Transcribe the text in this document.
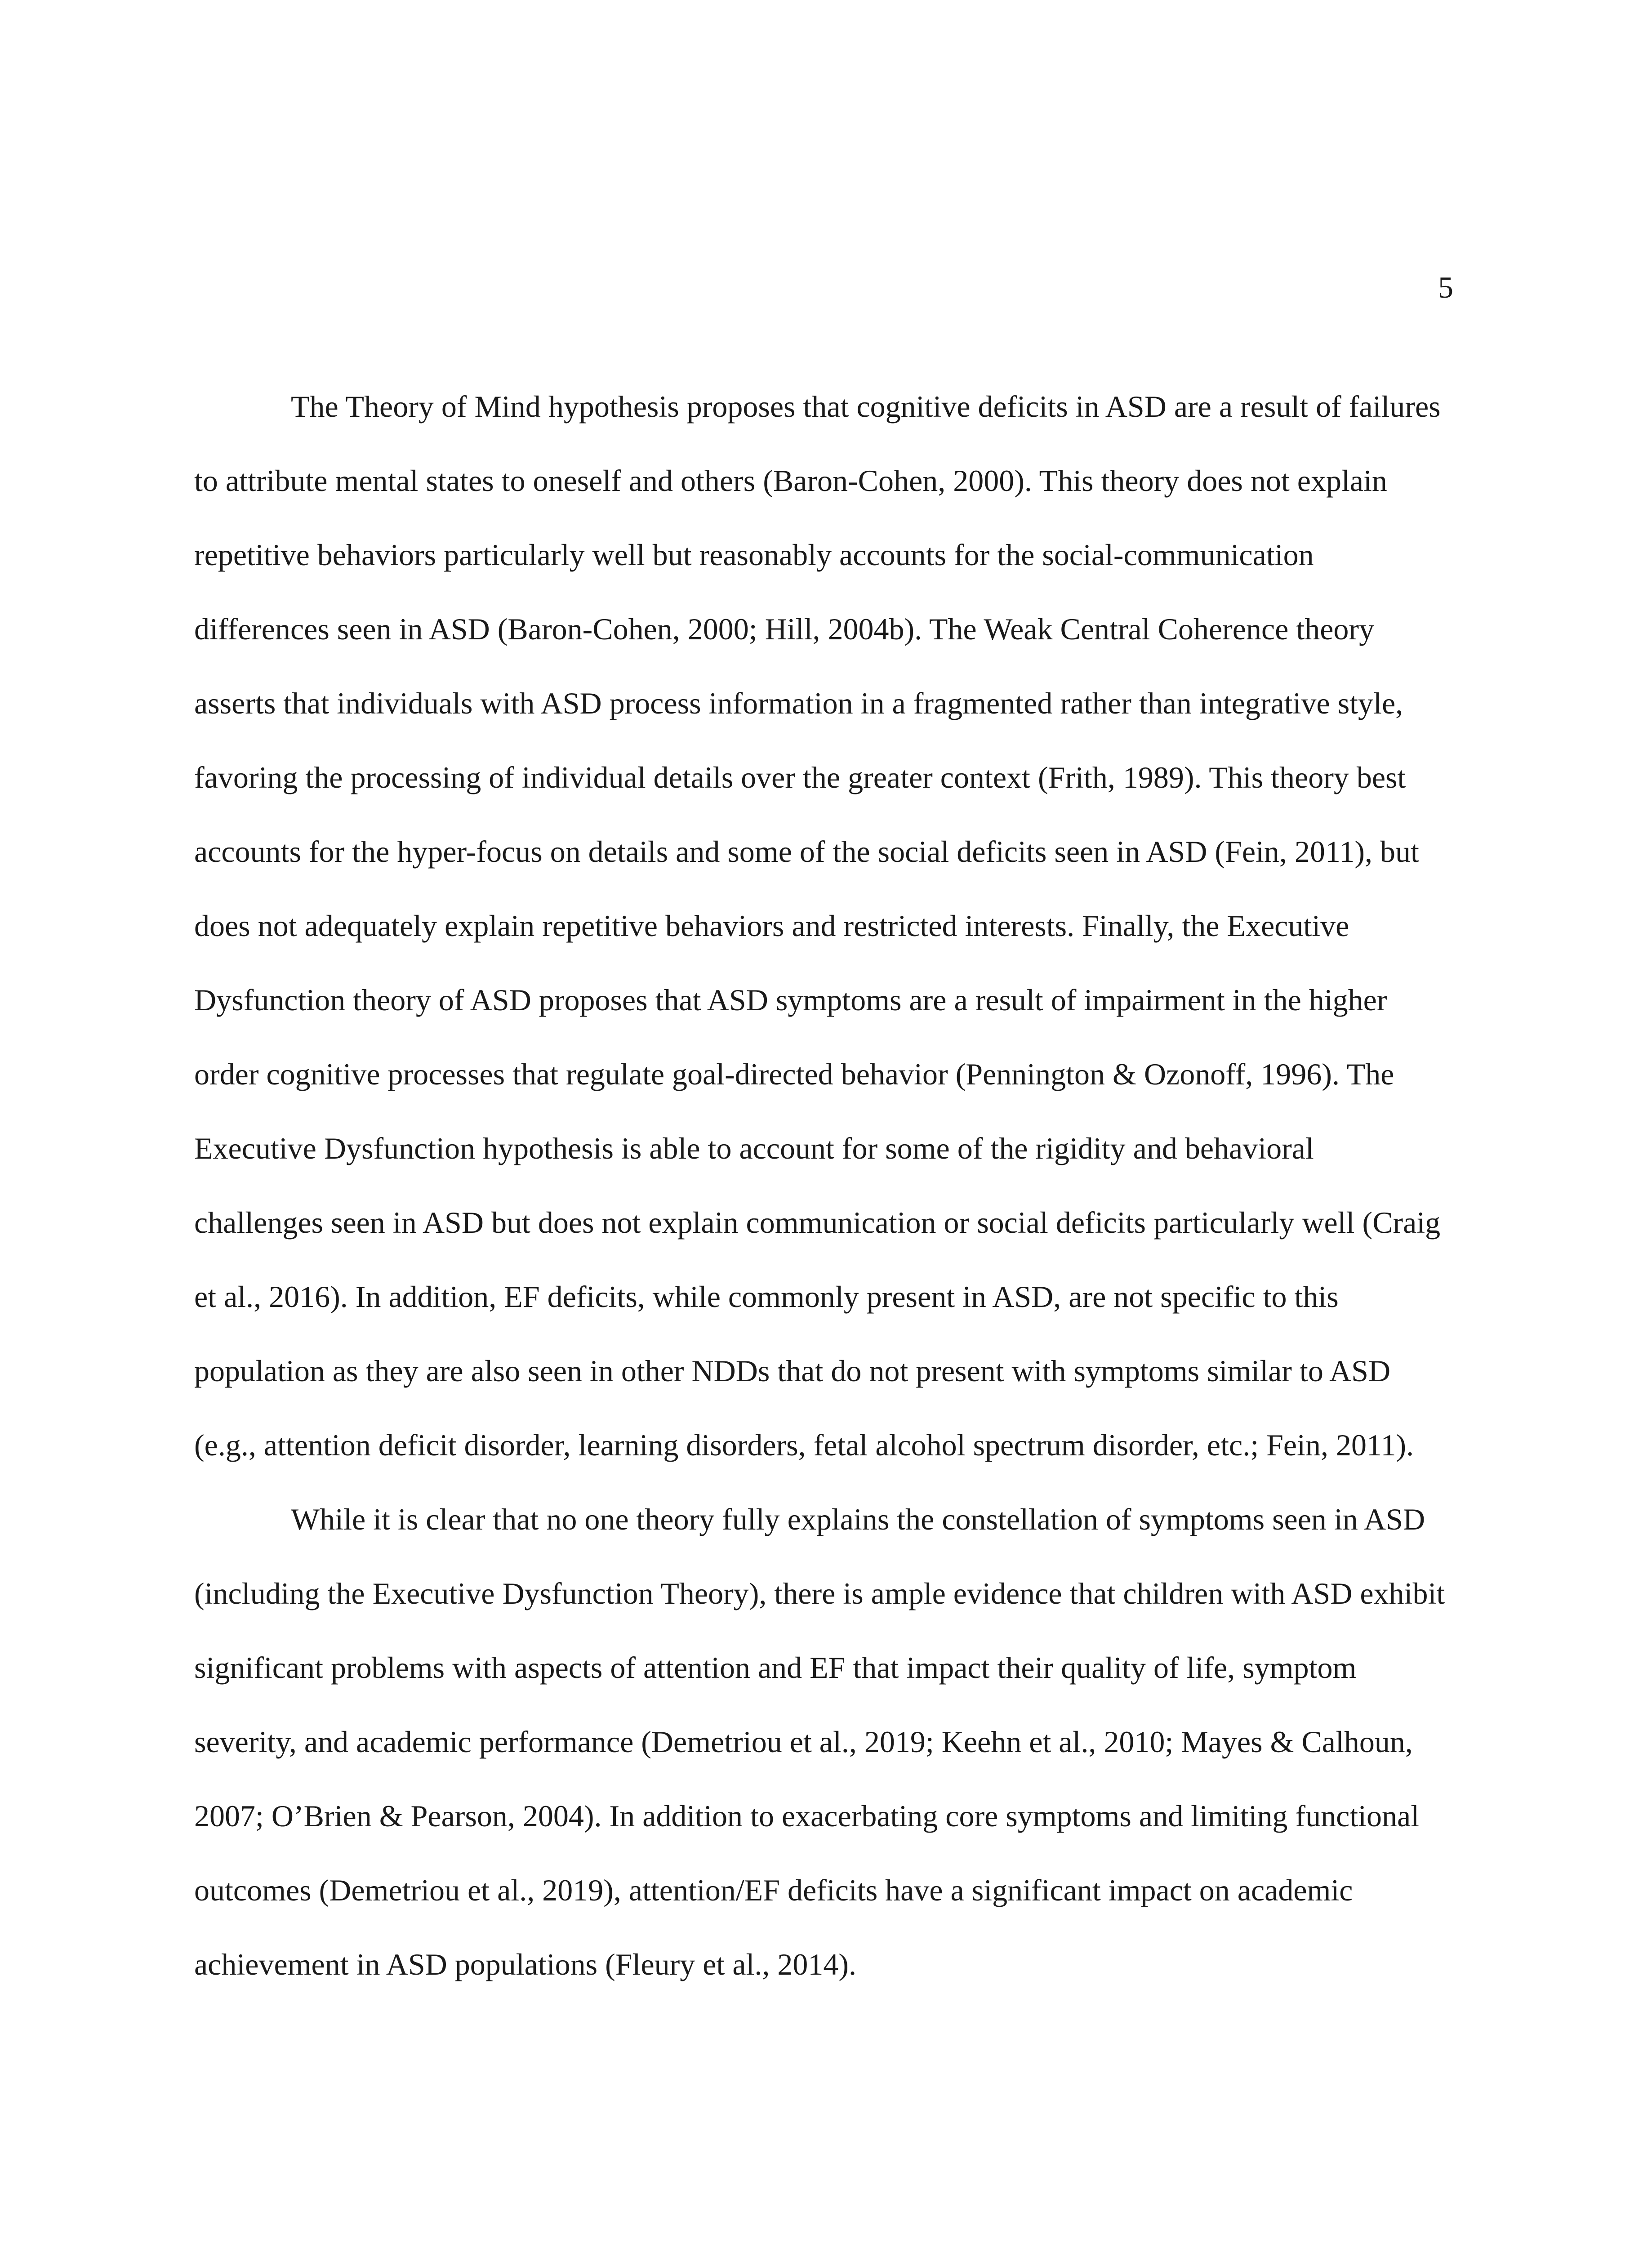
5

The Theory of Mind hypothesis proposes that cognitive deficits in ASD are a result of failures to attribute mental states to oneself and others (Baron-Cohen, 2000). This theory does not explain repetitive behaviors particularly well but reasonably accounts for the social-communication differences seen in ASD (Baron-Cohen, 2000; Hill, 2004b). The Weak Central Coherence theory asserts that individuals with ASD process information in a fragmented rather than integrative style, favoring the processing of individual details over the greater context (Frith, 1989). This theory best accounts for the hyper-focus on details and some of the social deficits seen in ASD (Fein, 2011), but does not adequately explain repetitive behaviors and restricted interests. Finally, the Executive Dysfunction theory of ASD proposes that ASD symptoms are a result of impairment in the higher order cognitive processes that regulate goal-directed behavior (Pennington & Ozonoff, 1996). The Executive Dysfunction hypothesis is able to account for some of the rigidity and behavioral challenges seen in ASD but does not explain communication or social deficits particularly well (Craig et al., 2016). In addition, EF deficits, while commonly present in ASD, are not specific to this population as they are also seen in other NDDs that do not present with symptoms similar to ASD (e.g., attention deficit disorder, learning disorders, fetal alcohol spectrum disorder, etc.; Fein, 2011).

While it is clear that no one theory fully explains the constellation of symptoms seen in ASD (including the Executive Dysfunction Theory), there is ample evidence that children with ASD exhibit significant problems with aspects of attention and EF that impact their quality of life, symptom severity, and academic performance (Demetriou et al., 2019; Keehn et al., 2010; Mayes & Calhoun, 2007; O’Brien & Pearson, 2004). In addition to exacerbating core symptoms and limiting functional outcomes (Demetriou et al., 2019), attention/EF deficits have a significant impact on academic achievement in ASD populations (Fleury et al., 2014).
